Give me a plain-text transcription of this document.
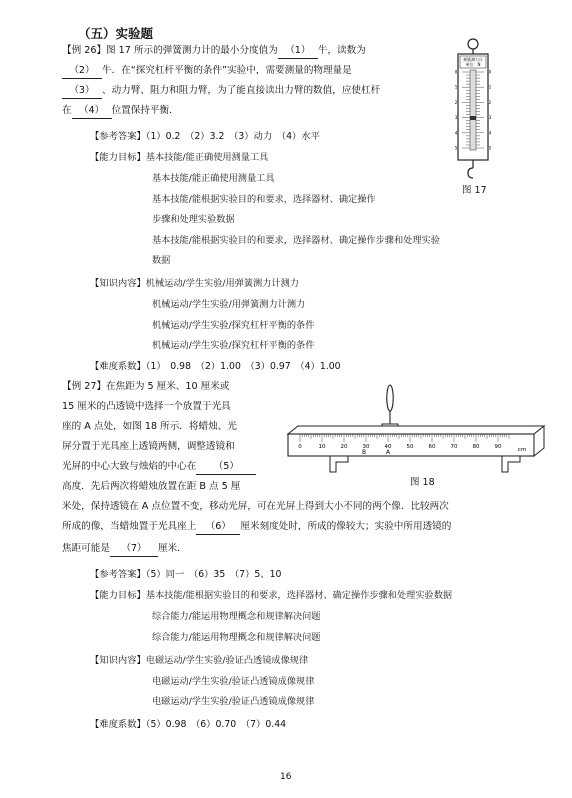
（五）实验题
【例 26】图 17 所示的弹簧测力计的最小分度值为 （1） 牛，读数为
（2） 牛．在“探究杠杆平衡的条件”实验中，需要测量的物理量是
（3） 、动力臂、阻力和阻力臂，为了能直接读出力臂的数值，应使杠杆
在 （4） 位置保持平衡．
【参考答案】（1）0.2　（2）3.2　（3）动力　（4）水平
【能力目标】基本技能/能正确使用测量工具
基本技能/能正确使用测量工具
基本技能/能根据实验目的和要求，选择器材、确定操作
步骤和处理实验数据
基本技能/能根据实验目的和要求，选择器材、确定操作步骤和处理实验
数据
【知识内容】机械运动/学生实验/用弹簧测力计测力
机械运动/学生实验/用弹簧测力计测力
机械运动/学生实验/探究杠杆平衡的条件
机械运动/学生实验/探究杠杆平衡的条件
【难度系数】（1）　0.98　（2）1.00　（3）0.97　（4）1.00
弹簧测力计
单位：N
0	0
1	1
2	2
3	3
4	4
5	5
图 17
【例 27】在焦距为 5 厘米、10 厘米或
15 厘米的凸透镜中选择一个放置于光具
座的 A 点处，如图 18 所示．将蜡烛、光
屏分置于光具座上透镜两侧，调整透镜和
光屏的中心大致与烛焰的中心在 （5）
高度．先后两次将蜡烛放置在距 B 点 5 厘
米处，保持透镜在 A 点位置不变，移动光屏，可在光屏上得到大小不同的两个像．比较两次
所成的像，当蜡烛置于光具座上 （6） 厘米刻度处时，所成的像较大；实验中所用透镜的
焦距可能是 （7） 厘米．
0	10	20	30	40	50	60	70	80	90
B	A	cm
图 18
【参考答案】（5）同一　（6）35　（7）5、10
【能力目标】基本技能/能根据实验目的和要求，选择器材、确定操作步骤和处理实验数据
综合能力/能运用物理概念和规律解决问题
综合能力/能运用物理概念和规律解决问题
【知识内容】电磁运动/学生实验/验证凸透镜成像规律
电磁运动/学生实验/验证凸透镜成像规律
电磁运动/学生实验/验证凸透镜成像规律
【难度系数】（5）0.98　（6）0.70　（7）0.44
16
